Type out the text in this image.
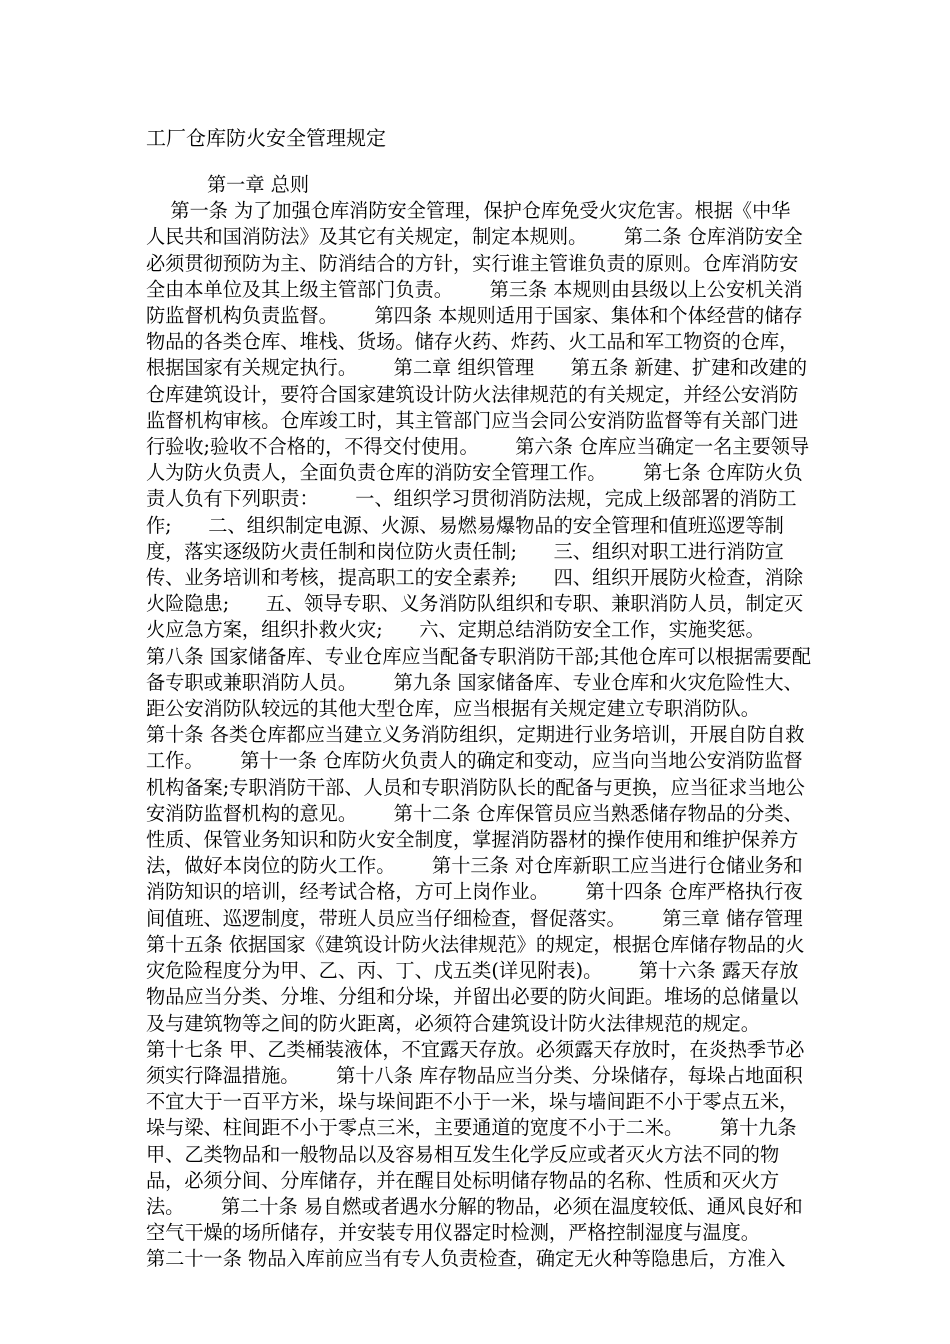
工厂仓库防火安全管理规定

第一章 总则

第一条 为了加强仓库消防安全管理，保护仓库免受火灾危害。根据《中华

人民共和国消防法》及其它有关规定，制定本规则。      第二条 仓库消防安全

必须贯彻预防为主、防消结合的方针，实行谁主管谁负责的原则。仓库消防安

全由本单位及其上级主管部门负责。      第三条 本规则由县级以上公安机关消

防监督机构负责监督。      第四条 本规则适用于国家、集体和个体经营的储存

物品的各类仓库、堆栈、货场。储存火药、炸药、火工品和军工物资的仓库，

根据国家有关规定执行。      第二章 组织管理      第五条 新建、扩建和改建的

仓库建筑设计，要符合国家建筑设计防火法律规范的有关规定，并经公安消防

监督机构审核。仓库竣工时，其主管部门应当会同公安消防监督等有关部门进

行验收;验收不合格的，不得交付使用。      第六条 仓库应当确定一名主要领导

人为防火负责人，全面负责仓库的消防安全管理工作。      第七条 仓库防火负

责人负有下列职责：      一、组织学习贯彻消防法规，完成上级部署的消防工

作;      二、组织制定电源、火源、易燃易爆物品的安全管理和值班巡逻等制

度，落实逐级防火责任制和岗位防火责任制;      三、组织对职工进行消防宣

传、业务培训和考核，提高职工的安全素养;      四、组织开展防火检查，消除

火险隐患;      五、领导专职、义务消防队组织和专职、兼职消防人员，制定灭

火应急方案，组织扑救火灾;      六、定期总结消防安全工作，实施奖惩。

第八条 国家储备库、专业仓库应当配备专职消防干部;其他仓库可以根据需要配

备专职或兼职消防人员。      第九条 国家储备库、专业仓库和火灾危险性大、

距公安消防队较远的其他大型仓库，应当根据有关规定建立专职消防队。

第十条 各类仓库都应当建立义务消防组织，定期进行业务培训，开展自防自救

工作。      第十一条 仓库防火负责人的确定和变动，应当向当地公安消防监督

机构备案;专职消防干部、人员和专职消防队长的配备与更换，应当征求当地公

安消防监督机构的意见。      第十二条 仓库保管员应当熟悉储存物品的分类、

性质、保管业务知识和防火安全制度，掌握消防器材的操作使用和维护保养方

法，做好本岗位的防火工作。      第十三条 对仓库新职工应当进行仓储业务和

消防知识的培训，经考试合格，方可上岗作业。      第十四条 仓库严格执行夜

间值班、巡逻制度，带班人员应当仔细检查，督促落实。      第三章 储存管理

第十五条 依据国家《建筑设计防火法律规范》的规定，根据仓库储存物品的火

灾危险程度分为甲、乙、丙、丁、戊五类(详见附表)。      第十六条 露天存放

物品应当分类、分堆、分组和分垛，并留出必要的防火间距。堆场的总储量以

及与建筑物等之间的防火距离，必须符合建筑设计防火法律规范的规定。

第十七条 甲、乙类桶装液体，不宜露天存放。必须露天存放时，在炎热季节必

须实行降温措施。      第十八条 库存物品应当分类、分垛储存，每垛占地面积

不宜大于一百平方米，垛与垛间距不小于一米，垛与墙间距不小于零点五米，

垛与梁、柱间距不小于零点三米，主要通道的宽度不小于二米。      第十九条

甲、乙类物品和一般物品以及容易相互发生化学反应或者灭火方法不同的物

品，必须分间、分库储存，并在醒目处标明储存物品的名称、性质和灭火方

法。      第二十条 易自燃或者遇水分解的物品，必须在温度较低、通风良好和

空气干燥的场所储存，并安装专用仪器定时检测，严格控制湿度与温度。

第二十一条 物品入库前应当有专人负责检查，确定无火种等隐患后，方准入
